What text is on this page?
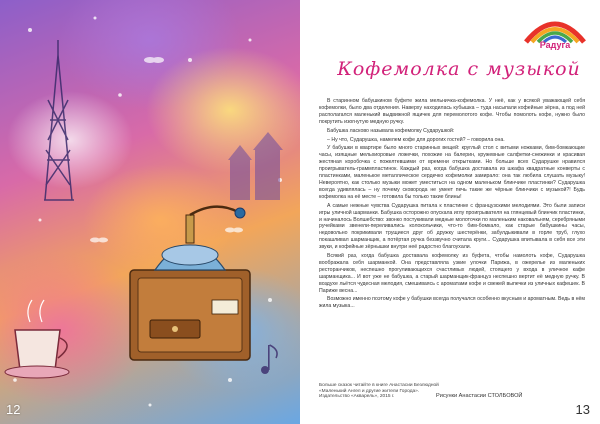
12
Радуга
Кофемолка с музыкой

В старинном бабушкином буфете жила мельничка-кофемолка. У неё, как у всякой уважающей себя кофемолки, было два отделения. Наверху находилась кубышка – туда насыпали кофейные зёрна, а под ней располагался маленький выдвижной ящичек для перемолотого кофе. Чтобы помолоть кофе, нужно было покрутить изогнутую медную ручку.

Бабушка ласково называла кофемолку Сударушкой:

– Ну что, Сударушка, намелем кофе для дорогих гостей? – говорила она.

У бабушки в квартире было много старинных вещей: круглый стол с витыми ножками, бим-бомкающие часы, изящные мельхиоровые ложечки, похожие на балерин, кружевные салфетки-снежинки и красивая жестяная коробочка с пожелтевшими от времени открытками. Но больше всех Сударушке нравился проигрыватель-граммпластинок. Каждый раз, когда бабушка доставала из шкафа квадратные конверты с пластинками, маленькое металлическое сердечко кофемолки замирало: она так любила слушать музыку! Невероятно, как столько музыки может уместиться на одном маленьком блинчике пластинки? Сударушка всегда удивлялась – ну почему сковорода не умеет печь такие же чёрные блинчики с музыкой?! Будь кофемолка на её месте – готовила бы только такие блины!

А самые нежные чувства Сударушка питала к пластинке с французскими мелодиями. Это были записи игры уличной шарманки. Бабушка осторожно опускала иглу проигрывателя на глянцевый блинчик пластинки, и начиналось Волшебство: звонко постукивали медные молоточки по маленьким наковальням, серебряными ручейками звенели-переливались колокольчики, что-то бим-бомкало, как старые бабушкины часы, недовольно покрикивали трущиеся друг об дружку шестерёнки, забулдыкивали в горле труб, глухо покашливал шарманщик, а потёртая ручка беззвучно считала круги... Сударушка впитывала в себя все эти звуки, и кофейные зёрнышки внутри неё радостно благоухали.

Всякий раз, когда бабушка доставала кофемолку из буфета, чтобы намолоть кофе, Сударушка воображала себя шарманкой. Она представляла узкие улочки Парижа, в ожерелье из маленьких ресторанчиков, неспешно прогуливающихся счастливых людей, стоящего у входа в уличное кафе шарманщика... И вот уже не бабушка, а старый шарманщик-француз неспешно вертит её медную ручку. В воздухе льётся чудесная мелодия, смешиваясь с ароматами кофе и свежей выпечки из уличных кафешек. В Париже весна...

Возможно именно поэтому кофе у бабушки всегда получался особенно вкусным и ароматным. Ведь в нём жила музыка...

Больше сказок читайте в книге Анастасии Безлюдной
«Маленький Ангел и другие жители Города».
Издательство «Акварель», 2015 г.	Рисунки Анастасии СТОЛБОВОЙ
13
